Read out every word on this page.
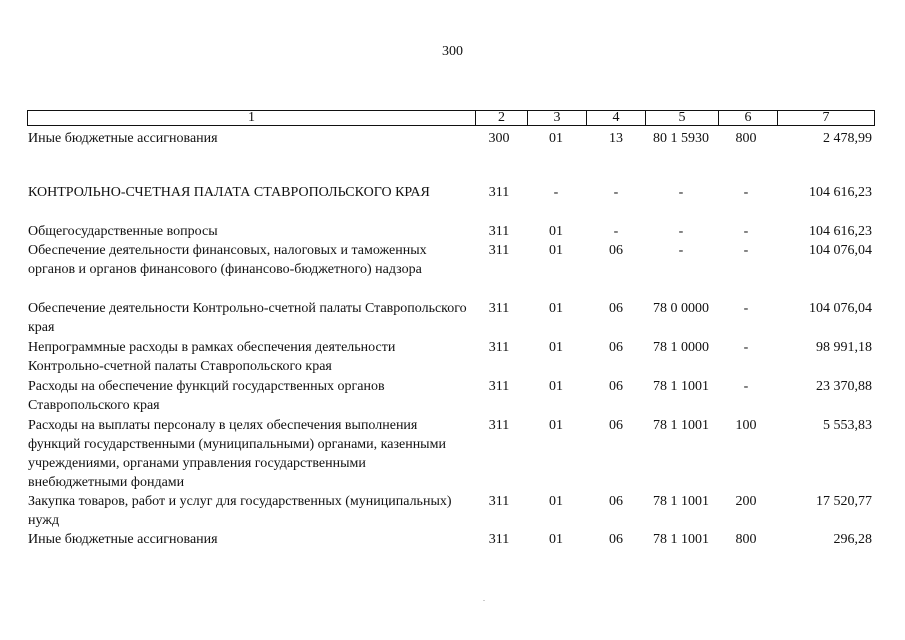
300
1	2	3	4	5	6	7
Иные бюджетные ассигнования	300	01	13	80 1 5930	800	2 478,99
КОНТРОЛЬНО-СЧЕТНАЯ ПАЛАТА СТАВРОПОЛЬСКОГО КРАЯ	311	-	-	-	-	104 616,23
Общегосударственные вопросы	311	01	-	-	-	104 616,23
Обеспечение деятельности финансовых, налоговых и таможенных органов и органов финансового (финансово-бюджетного) надзора
311	01	06	-	-	104 076,04
Обеспечение деятельности Контрольно-счетной палаты Ставропольского края
311	01	06	78 0 0000	-	104 076,04
Непрограммные расходы в рамках обеспечения деятельности Контрольно-счетной палаты Ставропольского края
311	01	06	78 1 0000	-	98 991,18
Расходы на обеспечение функций государственных органов Ставропольского края
311	01	06	78 1 1001	-	23 370,88
Расходы на выплаты персоналу в целях обеспечения выполнения функций государственными (муниципальными) органами, казенными учреждениями, органами управления государственными внебюджетными фондами
311	01	06	78 1 1001	100	5 553,83
Закупка товаров, работ и услуг для государственных (муниципальных) нужд
311	01	06	78 1 1001	200	17 520,77
Иные бюджетные ассигнования	311	01	06	78 1 1001	800	296,28
